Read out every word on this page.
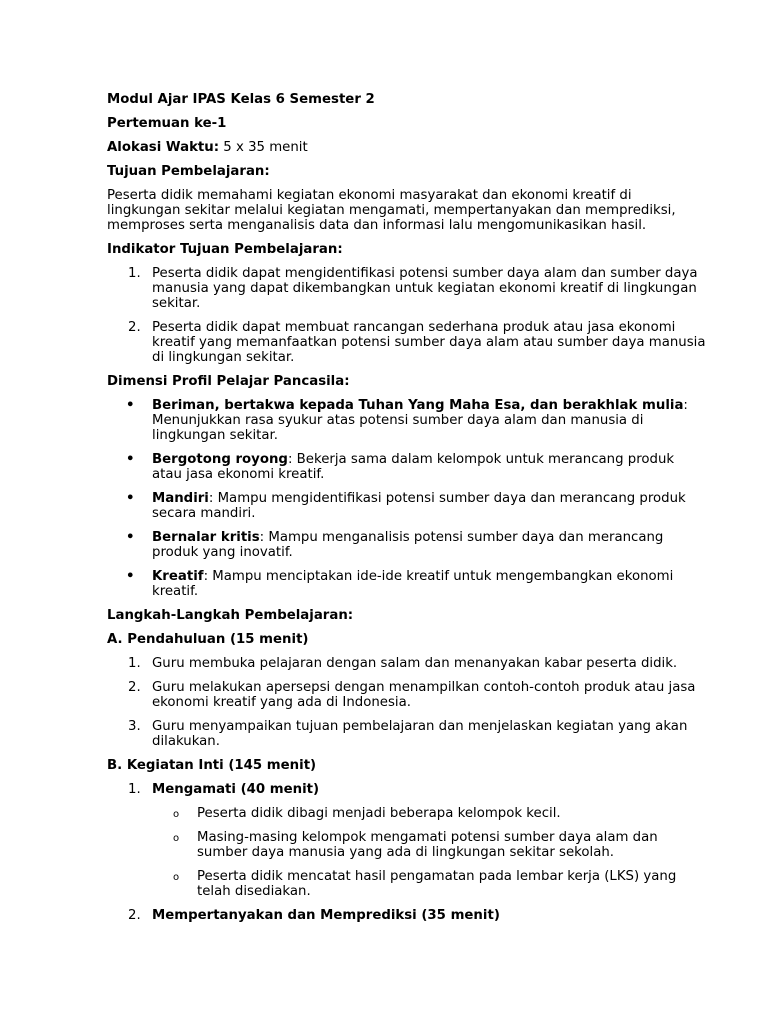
Modul Ajar IPAS Kelas 6 Semester 2

Pertemuan ke-1

Alokasi Waktu: 5 x 35 menit

Tujuan Pembelajaran:

Peserta didik memahami kegiatan ekonomi masyarakat dan ekonomi kreatif di lingkungan sekitar melalui kegiatan mengamati, mempertanyakan dan memprediksi, memproses serta menganalisis data dan informasi lalu mengomunikasikan hasil.

Indikator Tujuan Pembelajaran:

1. Peserta didik dapat mengidentifikasi potensi sumber daya alam dan sumber daya manusia yang dapat dikembangkan untuk kegiatan ekonomi kreatif di lingkungan sekitar.
2. Peserta didik dapat membuat rancangan sederhana produk atau jasa ekonomi kreatif yang memanfaatkan potensi sumber daya alam atau sumber daya manusia di lingkungan sekitar.

Dimensi Profil Pelajar Pancasila:

• Beriman, bertakwa kepada Tuhan Yang Maha Esa, dan berakhlak mulia: Menunjukkan rasa syukur atas potensi sumber daya alam dan manusia di lingkungan sekitar.
• Bergotong royong: Bekerja sama dalam kelompok untuk merancang produk atau jasa ekonomi kreatif.
• Mandiri: Mampu mengidentifikasi potensi sumber daya dan merancang produk secara mandiri.
• Bernalar kritis: Mampu menganalisis potensi sumber daya dan merancang produk yang inovatif.
• Kreatif: Mampu menciptakan ide-ide kreatif untuk mengembangkan ekonomi kreatif.

Langkah-Langkah Pembelajaran:

A. Pendahuluan (15 menit)

1. Guru membuka pelajaran dengan salam dan menanyakan kabar peserta didik.
2. Guru melakukan apersepsi dengan menampilkan contoh-contoh produk atau jasa ekonomi kreatif yang ada di Indonesia.
3. Guru menyampaikan tujuan pembelajaran dan menjelaskan kegiatan yang akan dilakukan.

B. Kegiatan Inti (145 menit)

1. Mengamati (40 menit)
o Peserta didik dibagi menjadi beberapa kelompok kecil.
o Masing-masing kelompok mengamati potensi sumber daya alam dan sumber daya manusia yang ada di lingkungan sekitar sekolah.
o Peserta didik mencatat hasil pengamatan pada lembar kerja (LKS) yang telah disediakan.
2. Mempertanyakan dan Memprediksi (35 menit)
